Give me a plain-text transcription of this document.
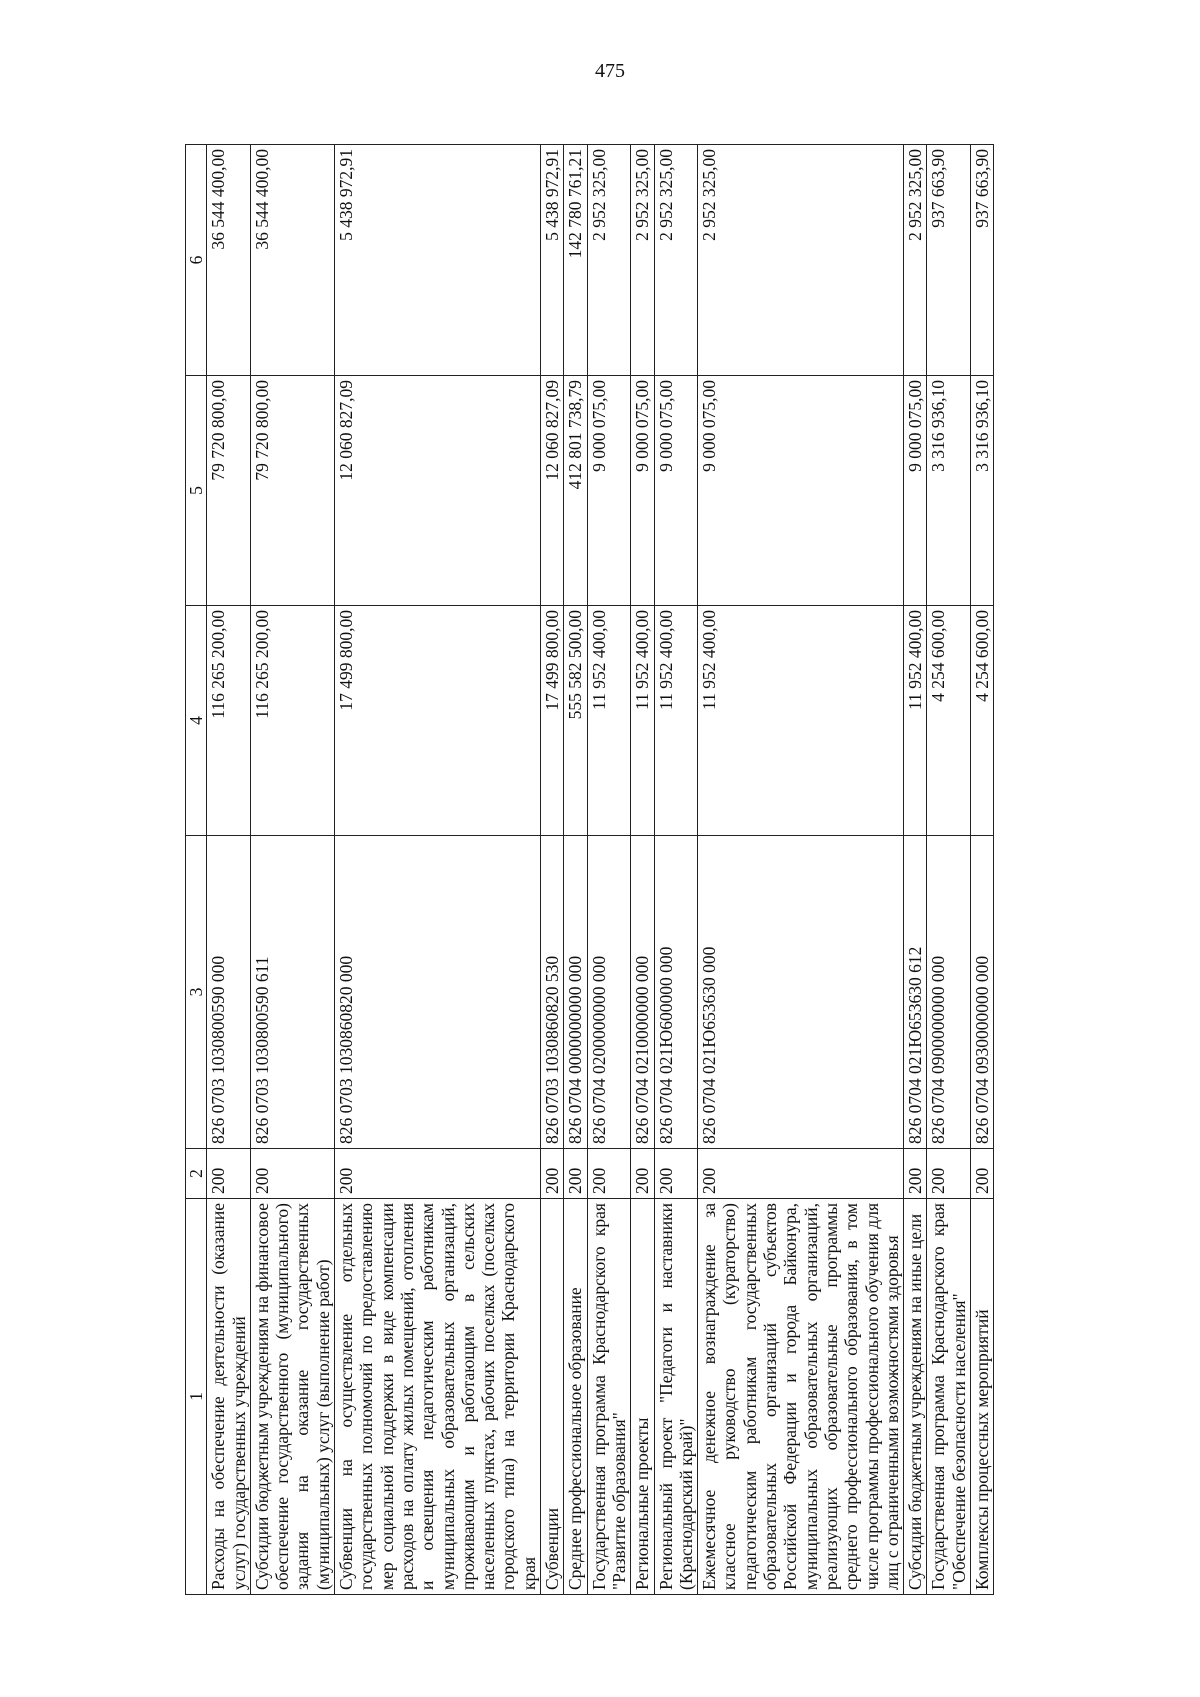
475
1	2	3	4	5	6
Расходы на обеспечение деятельности (оказание услуг) государственных учреждений	200	826 0703 1030800590 000	116 265 200,00	79 720 800,00	36 544 400,00
Субсидии бюджетным учреждениям на финансовое обеспечение государственного (муниципального) задания на оказание государственных (муниципальных) услуг (выполнение работ)	200	826 0703 1030800590 611	116 265 200,00	79 720 800,00	36 544 400,00
Субвенции на осуществление отдельных государственных полномочий по предоставлению мер социальной поддержки в виде компенсации расходов на оплату жилых помещений, отопления и освещения педагогическим работникам муниципальных образовательных организаций, проживающим и работающим в сельских населенных пунктах, рабочих поселках (поселках городского типа) на территории Краснодарского края	200	826 0703 1030860820 000	17 499 800,00	12 060 827,09	5 438 972,91
Субвенции	200	826 0703 1030860820 530	17 499 800,00	12 060 827,09	5 438 972,91
Среднее профессиональное образование	200	826 0704 0000000000 000	555 582 500,00	412 801 738,79	142 780 761,21
Государственная программа Краснодарского края "Развитие образования"	200	826 0704 0200000000 000	11 952 400,00	9 000 075,00	2 952 325,00
Региональные проекты	200	826 0704 0210000000 000	11 952 400,00	9 000 075,00	2 952 325,00
Региональный проект "Педагоги и наставники (Краснодарский край)"	200	826 0704 021Ю600000 000	11 952 400,00	9 000 075,00	2 952 325,00
Ежемесячное денежное вознаграждение за классное руководство (кураторство) педагогическим работникам государственных образовательных организаций субъектов Российской Федерации и города Байконура, муниципальных образовательных организаций, реализующих образовательные программы среднего профессионального образования, в том числе программы профессионального обучения для лиц с ограниченными возможностями здоровья	200	826 0704 021Ю653630 000	11 952 400,00	9 000 075,00	2 952 325,00
Субсидии бюджетным учреждениям на иные цели	200	826 0704 021Ю653630 612	11 952 400,00	9 000 075,00	2 952 325,00
Государственная программа Краснодарского края "Обеспечение безопасности населения"	200	826 0704 0900000000 000	4 254 600,00	3 316 936,10	937 663,90
Комплексы процессных мероприятий	200	826 0704 0930000000 000	4 254 600,00	3 316 936,10	937 663,90
